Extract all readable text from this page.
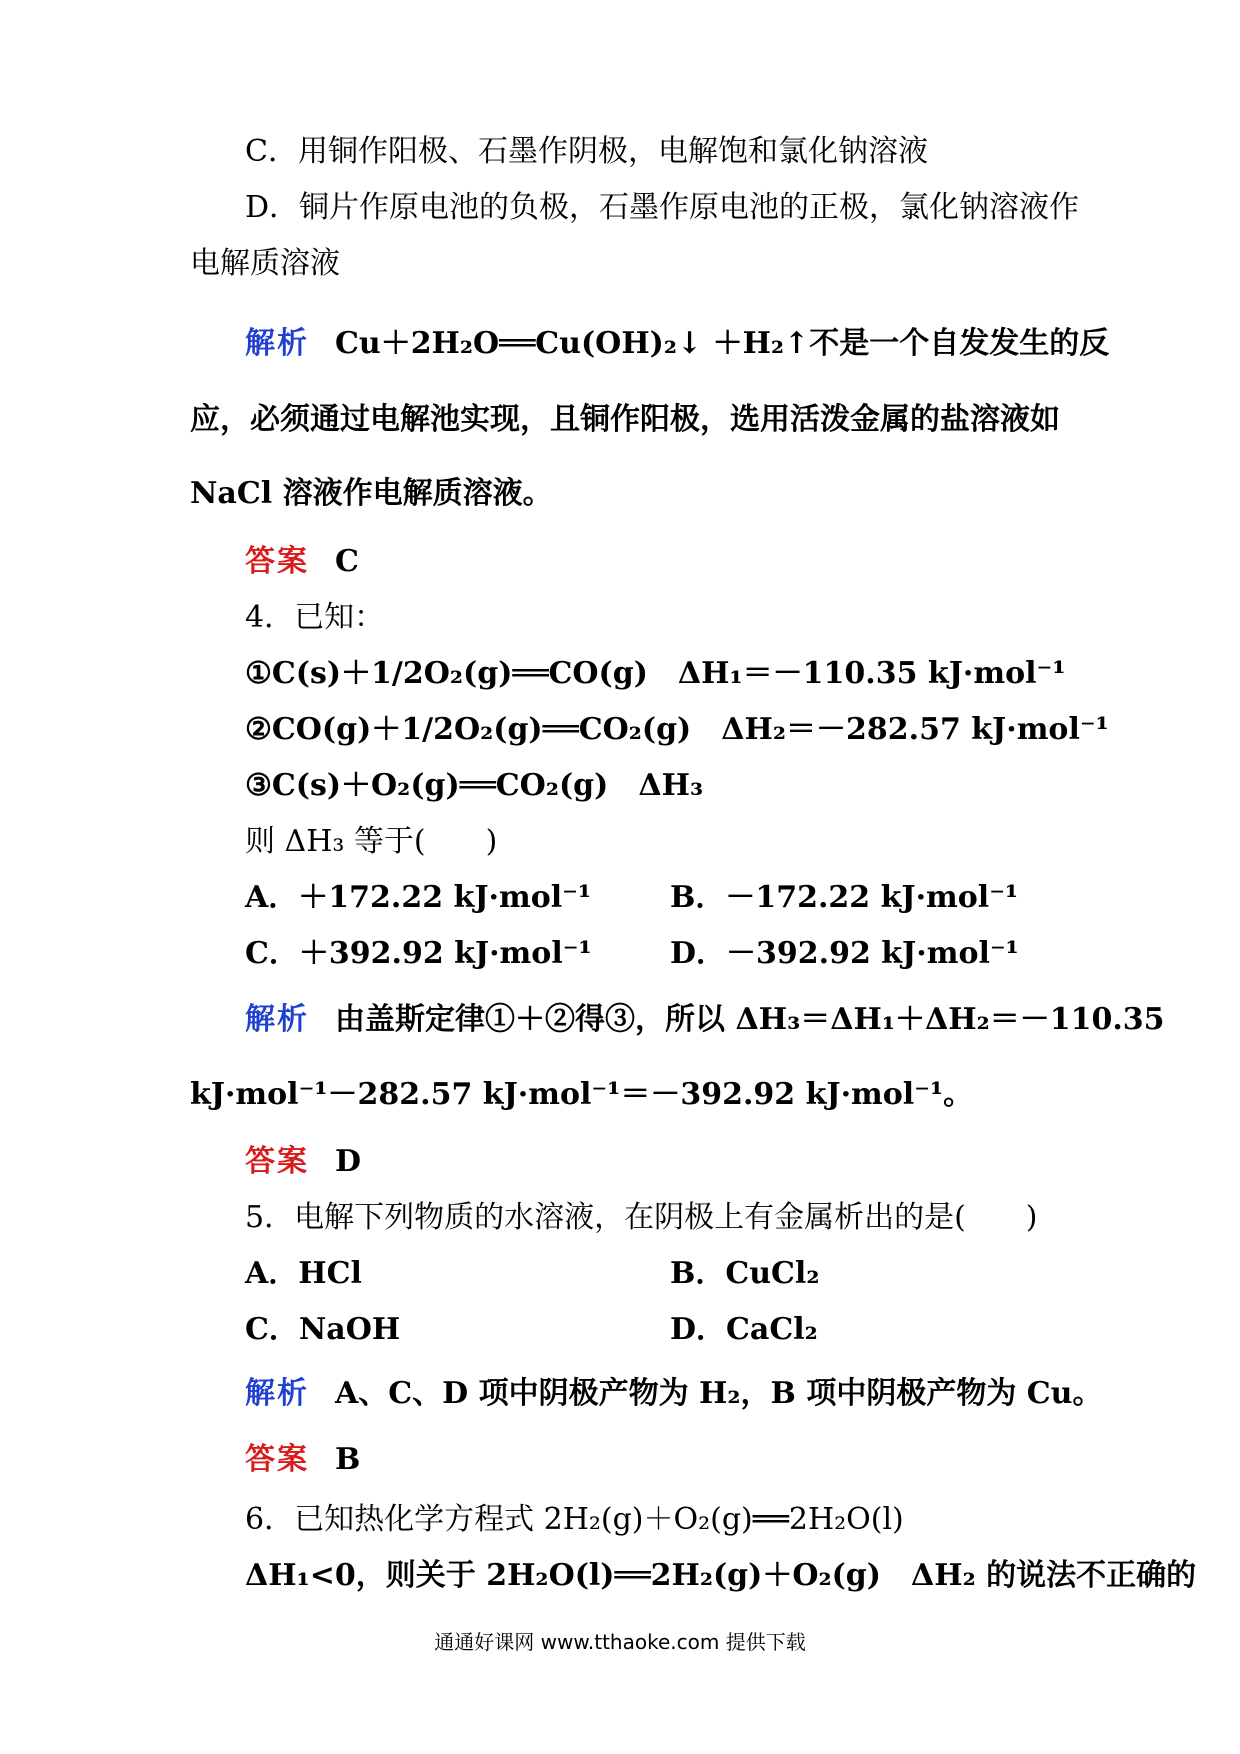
C．用铜作阳极、石墨作阴极，电解饱和氯化钠溶液
D．铜片作原电池的负极，石墨作原电池的正极，氯化钠溶液作
电解质溶液
解析 Cu＋2H₂O══Cu(OH)₂↓ ＋H₂↑不是一个自发发生的反
应，必须通过电解池实现，且铜作阳极，选用活泼金属的盐溶液如
NaCl 溶液作电解质溶液。
答案 C
4．已知：
①C(s)＋1/2O₂(g)══CO(g)　ΔH₁＝－110.35 kJ·mol⁻¹
②CO(g)＋1/2O₂(g)══CO₂(g)　ΔH₂＝－282.57 kJ·mol⁻¹
③C(s)＋O₂(g)══CO₂(g)　ΔH₃
则 ΔH₃ 等于(　　)
A．＋172.22 kJ·mol⁻¹	B．－172.22 kJ·mol⁻¹
C．＋392.92 kJ·mol⁻¹	D．－392.92 kJ·mol⁻¹
解析 由盖斯定律①＋②得③，所以 ΔH₃＝ΔH₁＋ΔH₂＝－110.35
kJ·mol⁻¹－282.57 kJ·mol⁻¹＝－392.92 kJ·mol⁻¹。
答案 D
5．电解下列物质的水溶液，在阴极上有金属析出的是(　　)
A．HCl	B．CuCl₂
C．NaOH	D．CaCl₂
解析 A、C、D 项中阴极产物为 H₂，B 项中阴极产物为 Cu。
答案 B
6．已知热化学方程式 2H₂(g)＋O₂(g)══2H₂O(l)
ΔH₁<0，则关于 2H₂O(l)══2H₂(g)＋O₂(g)　ΔH₂ 的说法不正确的
通通好课网 www.tthaoke.com 提供下载
